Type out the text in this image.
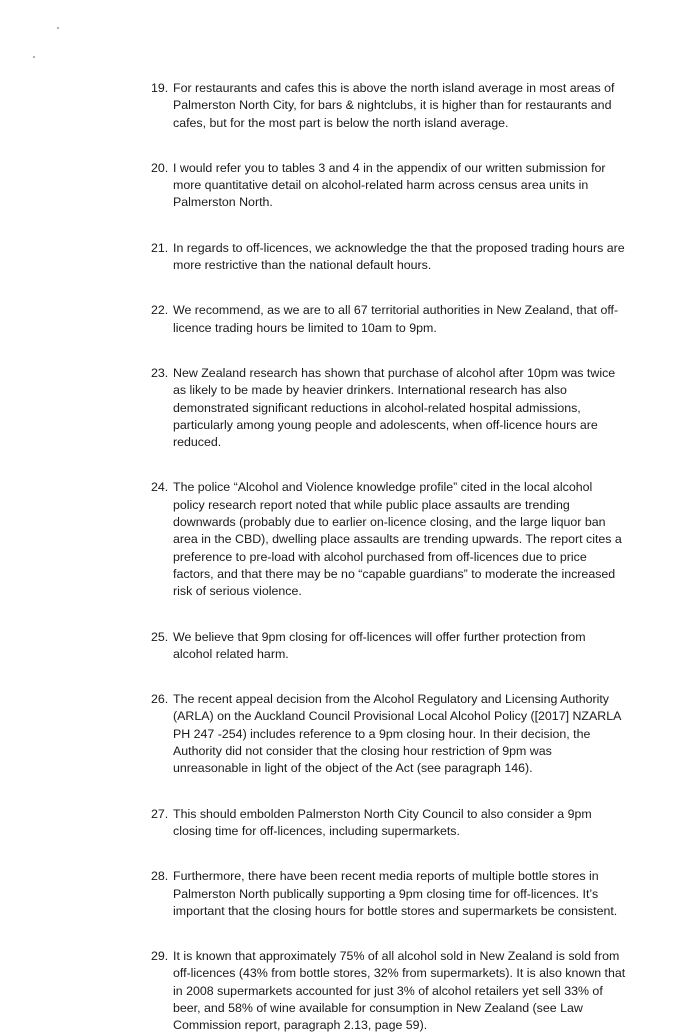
19. For restaurants and cafes this is above the north island average in most areas of Palmerston North City, for bars & nightclubs, it is higher than for restaurants and cafes, but for the most part is below the north island average.
20. I would refer you to tables 3 and 4 in the appendix of our written submission for more quantitative detail on alcohol-related harm across census area units in Palmerston North.
21. In regards to off-licences, we acknowledge the that the proposed trading hours are more restrictive than the national default hours.
22. We recommend, as we are to all 67 territorial authorities in New Zealand, that off-licence trading hours be limited to 10am to 9pm.
23. New Zealand research has shown that purchase of alcohol after 10pm was twice as likely to be made by heavier drinkers. International research has also demonstrated significant reductions in alcohol-related hospital admissions, particularly among young people and adolescents, when off-licence hours are reduced.
24. The police “Alcohol and Violence knowledge profile” cited in the local alcohol policy research report noted that while public place assaults are trending downwards (probably due to earlier on-licence closing, and the large liquor ban area in the CBD), dwelling place assaults are trending upwards. The report cites a preference to pre-load with alcohol purchased from off-licences due to price factors, and that there may be no “capable guardians” to moderate the increased risk of serious violence.
25. We believe that 9pm closing for off-licences will offer further protection from alcohol related harm.
26. The recent appeal decision from the Alcohol Regulatory and Licensing Authority (ARLA) on the Auckland Council Provisional Local Alcohol Policy ([2017] NZARLA PH 247 -254) includes reference to a 9pm closing hour. In their decision, the Authority did not consider that the closing hour restriction of 9pm was unreasonable in light of the object of the Act (see paragraph 146).
27. This should embolden Palmerston North City Council to also consider a 9pm closing time for off-licences, including supermarkets.
28. Furthermore, there have been recent media reports of multiple bottle stores in Palmerston North publically supporting a 9pm closing time for off-licences. It’s important that the closing hours for bottle stores and supermarkets be consistent.
29. It is known that approximately 75% of all alcohol sold in New Zealand is sold from off-licences (43% from bottle stores, 32% from supermarkets). It is also known that in 2008 supermarkets accounted for just 3% of alcohol retailers yet sell 33% of beer, and 58% of wine available for consumption in New Zealand (see Law Commission report, paragraph 2.13, page 59).
